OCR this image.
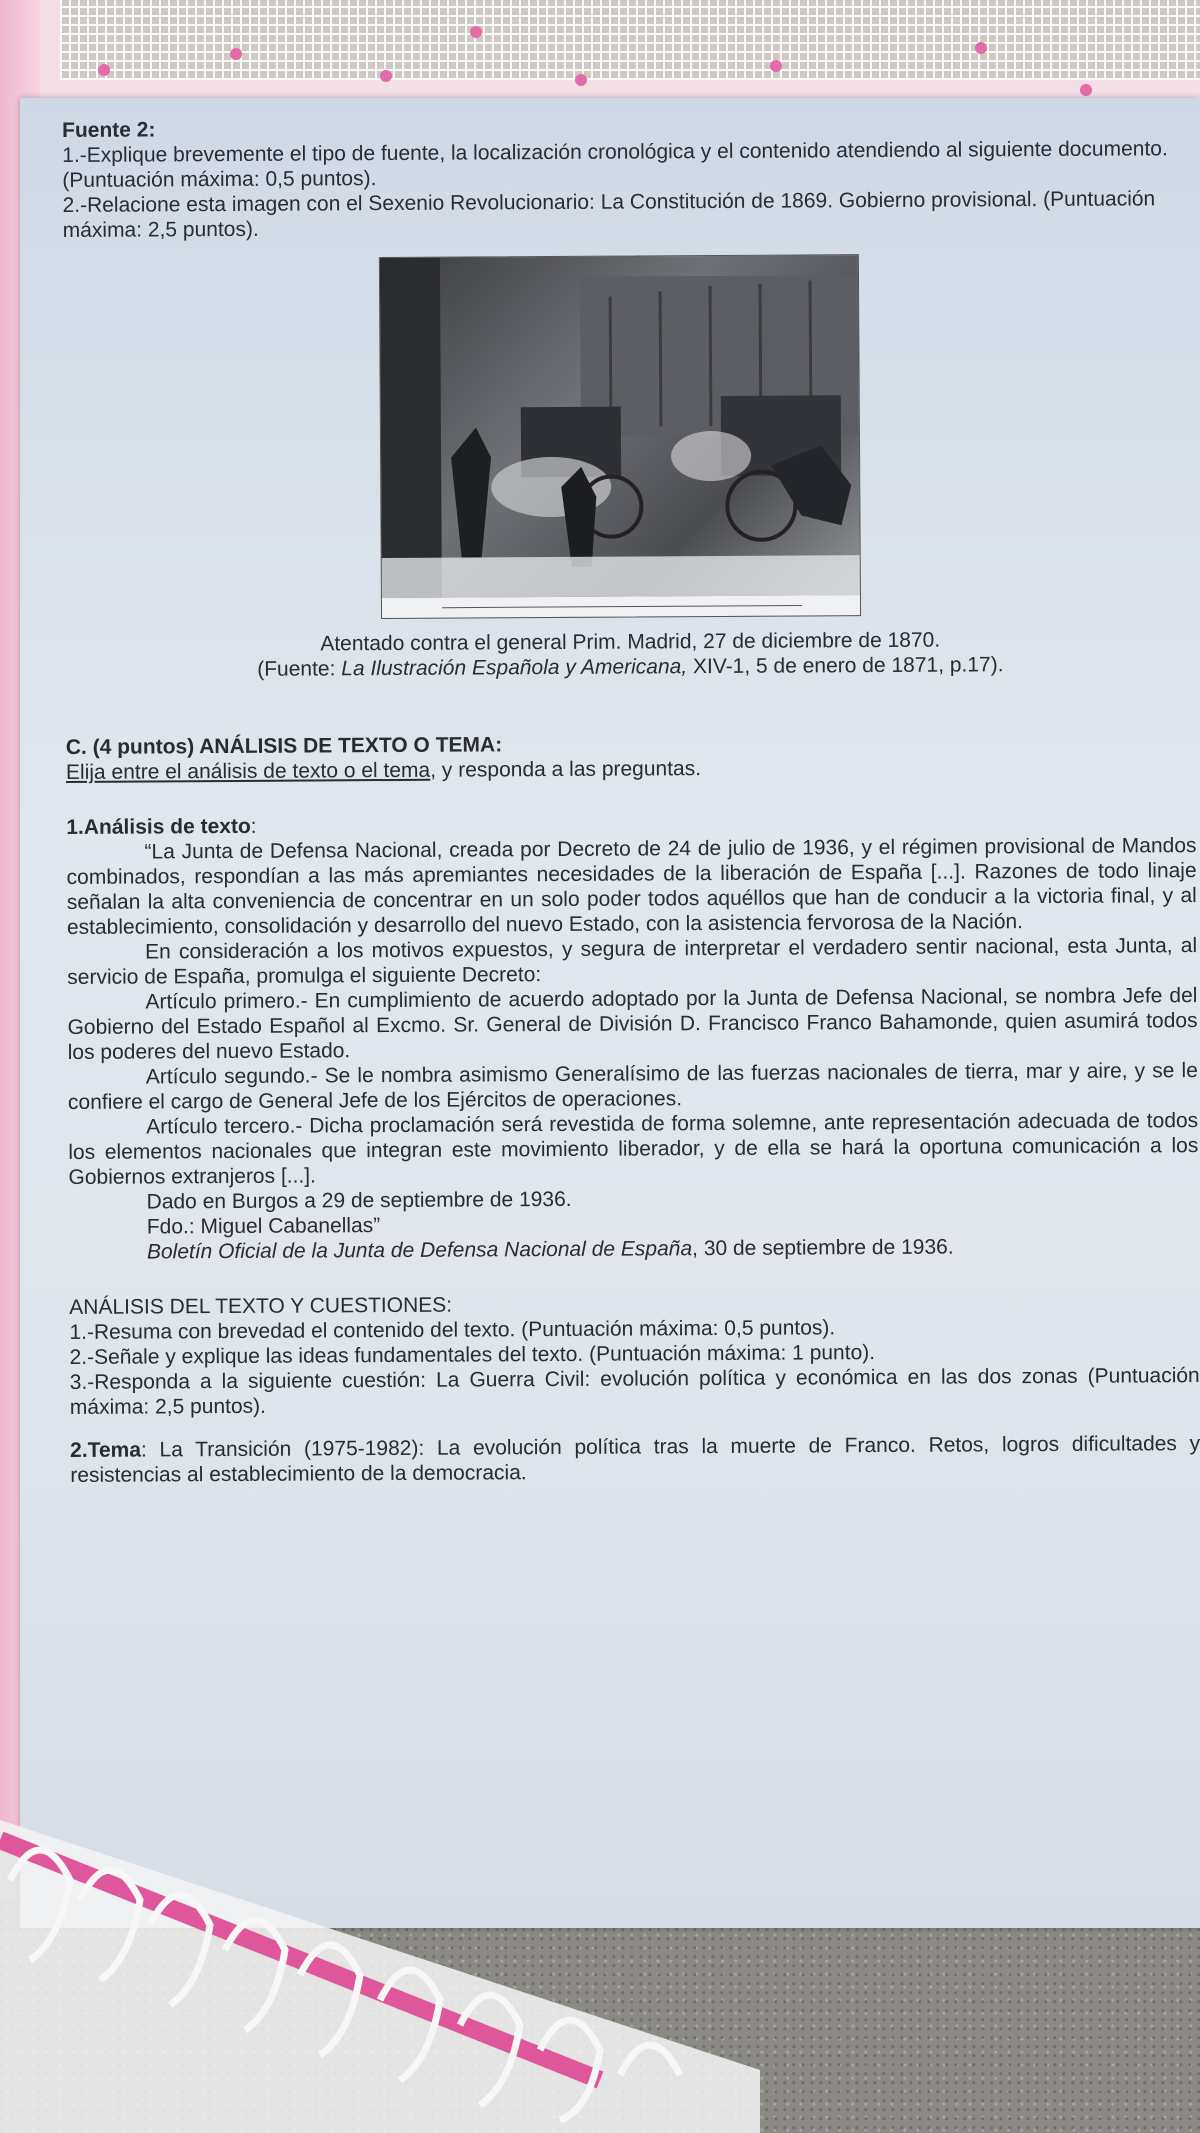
Fuente 2:

1.-Explique brevemente el tipo de fuente, la localización cronológica y el contenido atendiendo al siguiente documento. (Puntuación máxima: 0,5 puntos).

2.-Relacione esta imagen con el Sexenio Revolucionario: La Constitución de 1869. Gobierno provisional. (Puntuación máxima: 2,5 puntos).

Atentado contra el general Prim. Madrid, 27 de diciembre de 1870.

(Fuente: La Ilustración Española y Americana, XIV-1, 5 de enero de 1871, p.17).

C. (4 puntos) ANÁLISIS DE TEXTO O TEMA:

Elija entre el análisis de texto o el tema, y responda a las preguntas.

1.Análisis de texto:

“La Junta de Defensa Nacional, creada por Decreto de 24 de julio de 1936, y el régimen provisional de Mandos combinados, respondían a las más apremiantes necesidades de la liberación de España [...]. Razones de todo linaje señalan la alta conveniencia de concentrar en un solo poder todos aquéllos que han de conducir a la victoria final, y al establecimiento, consolidación y desarrollo del nuevo Estado, con la asistencia fervorosa de la Nación.

En consideración a los motivos expuestos, y segura de interpretar el verdadero sentir nacional, esta Junta, al servicio de España, promulga el siguiente Decreto:

Artículo primero.- En cumplimiento de acuerdo adoptado por la Junta de Defensa Nacional, se nombra Jefe del Gobierno del Estado Español al Excmo. Sr. General de División D. Francisco Franco Bahamonde, quien asumirá todos los poderes del nuevo Estado.

Artículo segundo.- Se le nombra asimismo Generalísimo de las fuerzas nacionales de tierra, mar y aire, y se le confiere el cargo de General Jefe de los Ejércitos de operaciones.

Artículo tercero.- Dicha proclamación será revestida de forma solemne, ante representación adecuada de todos los elementos nacionales que integran este movimiento liberador, y de ella se hará la oportuna comunicación a los Gobiernos extranjeros [...].

Dado en Burgos a 29 de septiembre de 1936.

Fdo.: Miguel Cabanellas”

Boletín Oficial de la Junta de Defensa Nacional de España, 30 de septiembre de 1936.

ANÁLISIS DEL TEXTO Y CUESTIONES:

1.-Resuma con brevedad el contenido del texto. (Puntuación máxima: 0,5 puntos).

2.-Señale y explique las ideas fundamentales del texto. (Puntuación máxima: 1 punto).

3.-Responda a la siguiente cuestión: La Guerra Civil: evolución política y económica en las dos zonas (Puntuación máxima: 2,5 puntos).

2.Tema: La Transición (1975-1982): La evolución política tras la muerte de Franco. Retos, logros dificultades y resistencias al establecimiento de la democracia.
